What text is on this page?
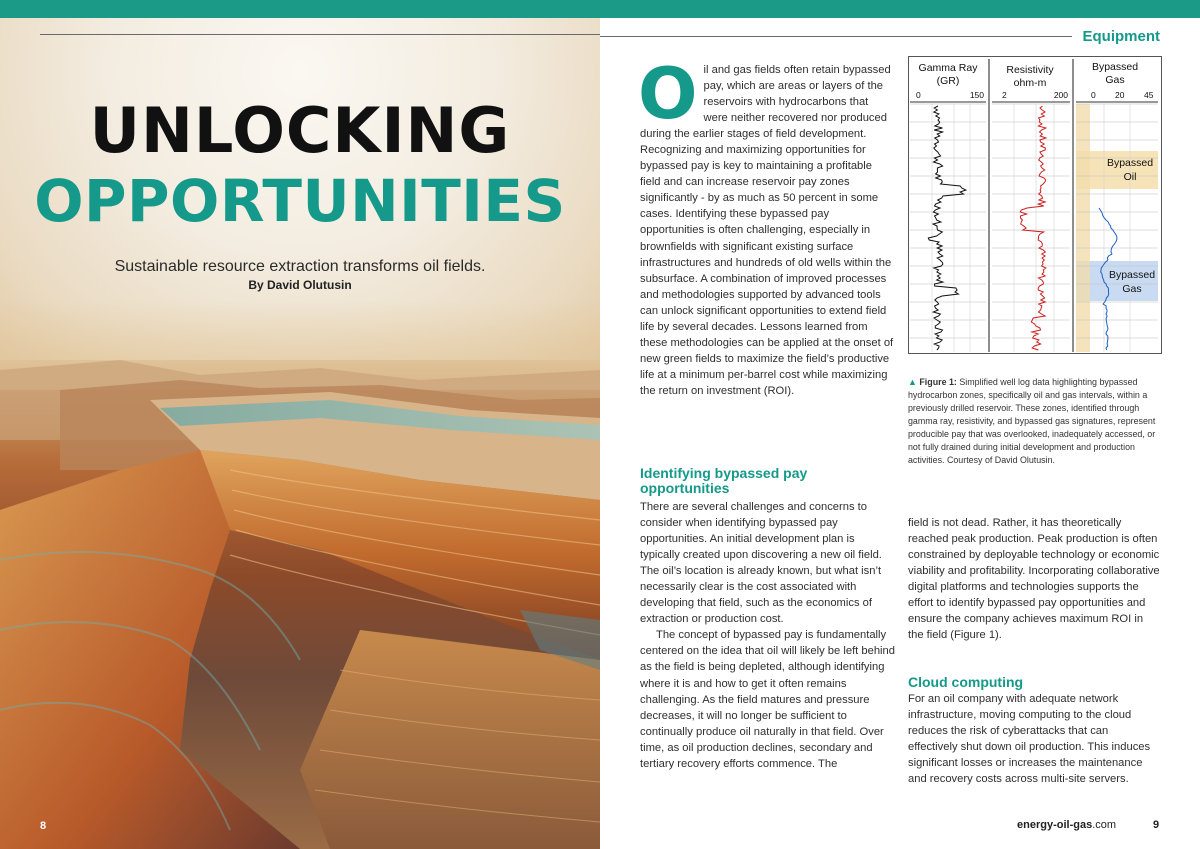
UNLOCKING
OPPORTUNITIES
Sustainable resource extraction transforms oil fields.
By David Olutusin
8
Equipment
O il and gas fields often retain bypassed pay, which are areas or layers of the reservoirs with hydrocarbons that were neither recovered nor produced during the earlier stages of field development. Recognizing and maximizing opportunities for bypassed pay is key to maintaining a profitable field and can increase reservoir pay zones significantly - by as much as 50 percent in some cases. Identifying these bypassed pay opportunities is often challenging, especially in brownfields with significant existing surface infrastructures and hundreds of old wells within the subsurface. A combination of improved processes and methodologies supported by advanced tools can unlock significant opportunities to extend field life by several decades. Lessons learned from these methodologies can be applied at the onset of new green fields to maximize the field’s productive life at a minimum per-barrel cost while maximizing the return on investment (ROI).

Identifying bypassed pay opportunities

There are several challenges and concerns to consider when identifying bypassed pay opportunities. An initial development plan is typically created upon discovering a new oil field. The oil’s location is already known, but what isn’t necessarily clear is the cost associated with developing that field, such as the economics of extraction or production cost.

The concept of bypassed pay is fundamentally centered on the idea that oil will likely be left behind as the field is being depleted, although identifying where it is and how to get it often remains challenging. As the field matures and pressure decreases, it will no longer be sufficient to continually produce oil naturally in that field. Over time, as oil production declines, secondary and tertiary recovery efforts commence. The

Gamma Ray
(GR)
0	150
Resistivity
ohm-m
2	200
Bypassed
Gas
0 20 45
Bypassed
Oil
Bypassed
Gas
▲ Figure 1: Simplified well log data highlighting bypassed hydrocarbon zones, specifically oil and gas intervals, within a previously drilled reservoir. These zones, identified through gamma ray, resistivity, and bypassed gas signatures, represent producible pay that was overlooked, inadequately accessed, or not fully drained during initial development and production activities. Courtesy of David Olutusin.

field is not dead. Rather, it has theoretically reached peak production. Peak production is often constrained by deployable technology or economic viability and profitability. Incorporating collaborative digital platforms and technologies supports the effort to identify bypassed pay opportunities and ensure the company achieves maximum ROI in the field (Figure 1).

Cloud computing

For an oil company with adequate network infrastructure, moving computing to the cloud reduces the risk of cyberattacks that can effectively shut down oil production. This induces significant losses or increases the maintenance and recovery costs across multi-site servers.

energy-oil-gas.com	9
